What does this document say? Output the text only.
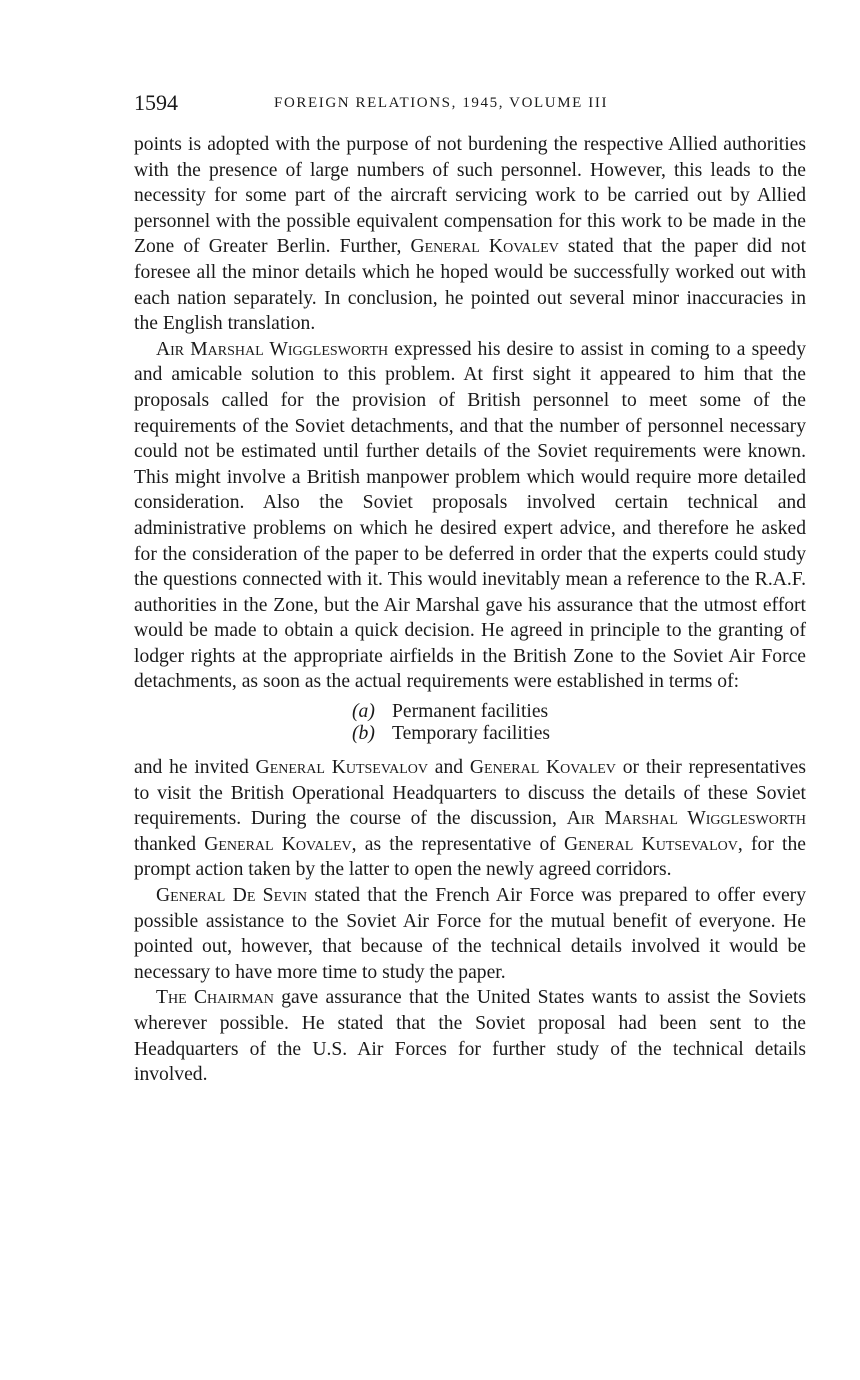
1594	FOREIGN RELATIONS, 1945, VOLUME III

points is adopted with the purpose of not burdening the respective Allied authorities with the presence of large numbers of such personnel. However, this leads to the necessity for some part of the aircraft servicing work to be carried out by Allied personnel with the possible equivalent compensation for this work to be made in the Zone of Greater Berlin. Further, General Kovalev stated that the paper did not foresee all the minor details which he hoped would be successfully worked out with each nation separately. In conclusion, he pointed out several minor inaccuracies in the English translation.

Air Marshal Wigglesworth expressed his desire to assist in coming to a speedy and amicable solution to this problem. At first sight it appeared to him that the proposals called for the provision of British personnel to meet some of the requirements of the Soviet detachments, and that the number of personnel necessary could not be estimated until further details of the Soviet requirements were known. This might involve a British manpower problem which would require more detailed consideration. Also the Soviet proposals involved certain technical and administrative problems on which he desired expert advice, and therefore he asked for the consideration of the paper to be deferred in order that the experts could study the questions connected with it. This would inevitably mean a reference to the R.A.F. authorities in the Zone, but the Air Marshal gave his assurance that the utmost effort would be made to obtain a quick decision. He agreed in principle to the granting of lodger rights at the appropriate airfields in the British Zone to the Soviet Air Force detachments, as soon as the actual requirements were established in terms of:

(a) Permanent facilities
(b) Temporary facilities

and he invited General Kutsevalov and General Kovalev or their representatives to visit the British Operational Headquarters to discuss the details of these Soviet requirements. During the course of the discussion, Air Marshal Wigglesworth thanked General Kovalev, as the representative of General Kutsevalov, for the prompt action taken by the latter to open the newly agreed corridors.

General De Sevin stated that the French Air Force was prepared to offer every possible assistance to the Soviet Air Force for the mutual benefit of everyone. He pointed out, however, that because of the technical details involved it would be necessary to have more time to study the paper.

The Chairman gave assurance that the United States wants to assist the Soviets wherever possible. He stated that the Soviet proposal had been sent to the Headquarters of the U.S. Air Forces for further study of the technical details involved.
